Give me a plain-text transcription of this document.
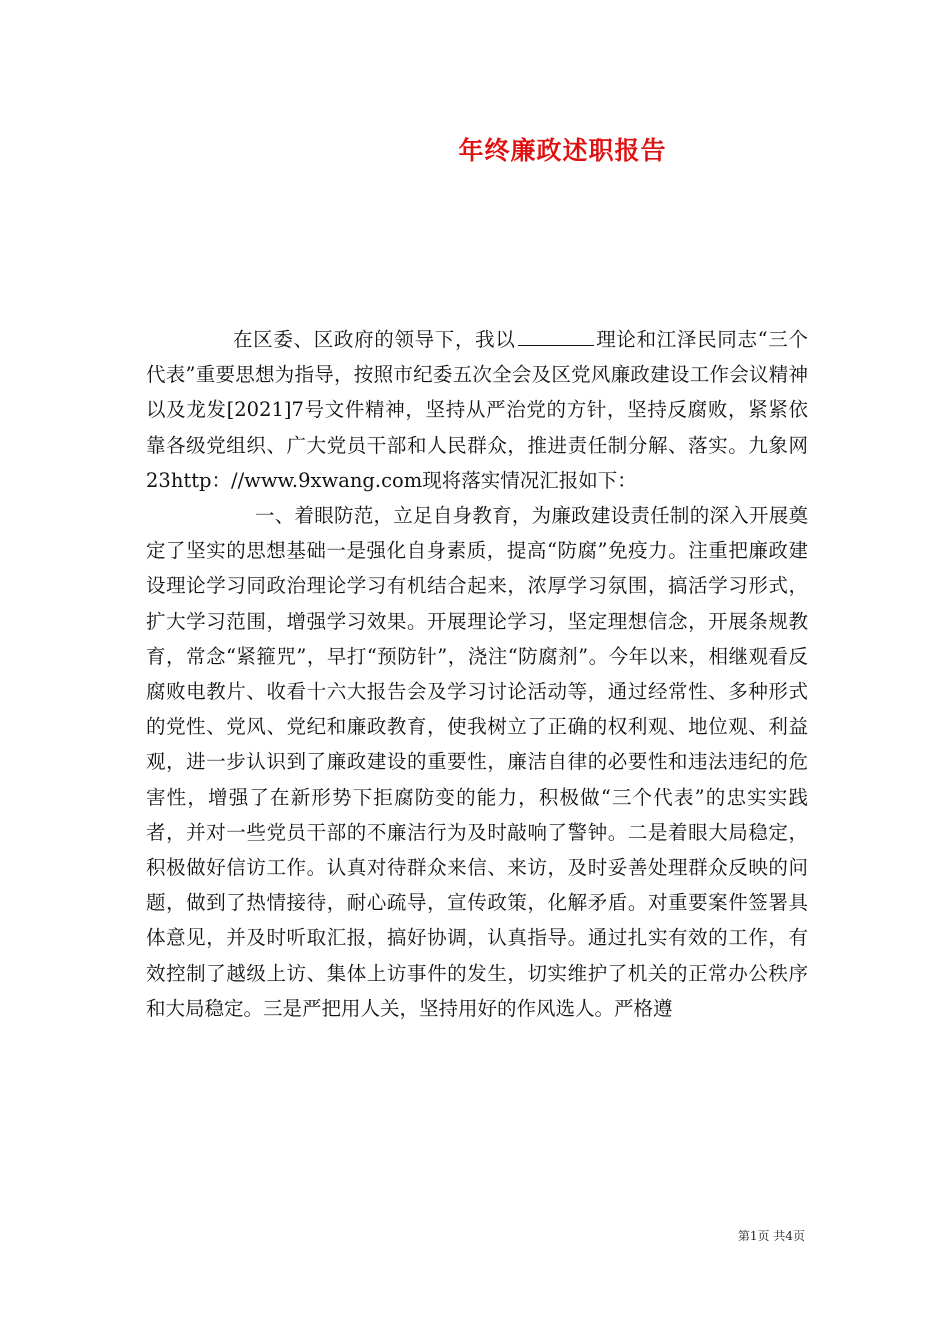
年终廉政述职报告

在区委、区政府的领导下，我以	理论和江泽民同志“三个代表”重要思想为指导，按照市纪委五次全会及区党风廉政建设工作会议精神以及龙发[2021]7号文件精神，坚持从严治党的方针，坚持反腐败，紧紧依靠各级党组织、广大党员干部和人民群众，推进责任制分解、落实。九象网23http：//www.9xwang.com现将落实情况汇报如下：

一、着眼防范，立足自身教育，为廉政建设责任制的深入开展奠定了坚实的思想基础一是强化自身素质，提高“防腐”免疫力。注重把廉政建设理论学习同政治理论学习有机结合起来，浓厚学习氛围，搞活学习形式，扩大学习范围，增强学习效果。开展理论学习，坚定理想信念，开展条规教育，常念“紧箍咒”，早打“预防针”，浇注“防腐剂”。今年以来，相继观看反腐败电教片、收看十六大报告会及学习讨论活动等，通过经常性、多种形式的党性、党风、党纪和廉政教育，使我树立了正确的权利观、地位观、利益观，进一步认识到了廉政建设的重要性，廉洁自律的必要性和违法违纪的危害性，增强了在新形势下拒腐防变的能力，积极做“三个代表”的忠实实践者，并对一些党员干部的不廉洁行为及时敲响了警钟。二是着眼大局稳定，积极做好信访工作。认真对待群众来信、来访，及时妥善处理群众反映的问题，做到了热情接待，耐心疏导，宣传政策，化解矛盾。对重要案件签署具体意见，并及时听取汇报，搞好协调，认真指导。通过扎实有效的工作，有效控制了越级上访、集体上访事件的发生，切实维护了机关的正常办公秩序和大局稳定。三是严把用人关，坚持用好的作风选人。严格遵

第1页 共4页
